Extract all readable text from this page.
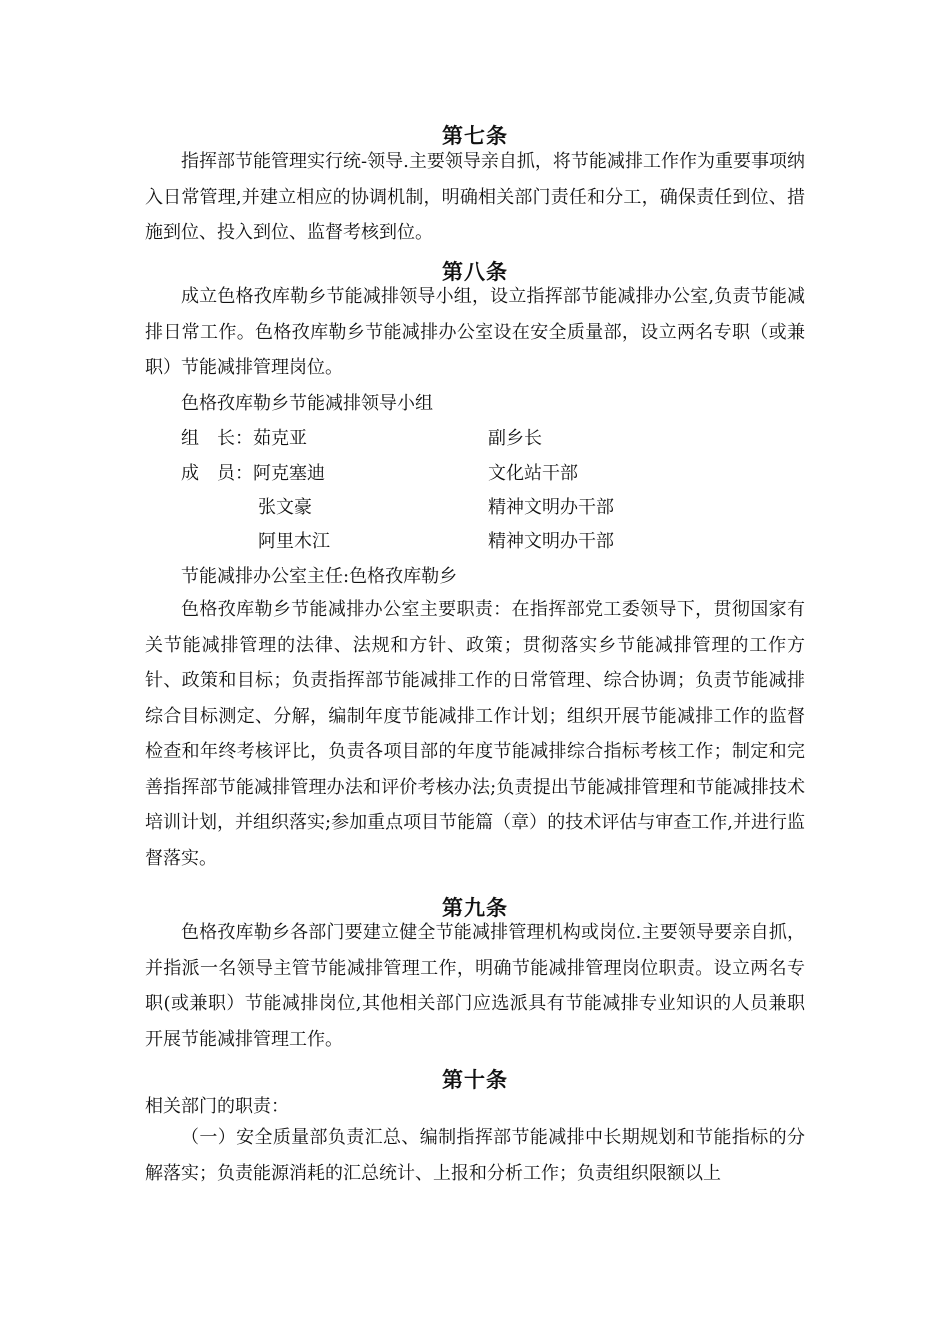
第七条

指挥部节能管理实行统-领导.主要领导亲自抓，将节能减排工作作为重要事项纳入日常管理,并建立相应的协调机制，明确相关部门责任和分工，确保责任到位、措施到位、投入到位、监督考核到位。

第八条

成立色格孜库勒乡节能减排领导小组，设立指挥部节能减排办公室,负责节能减排日常工作。色格孜库勒乡节能减排办公室设在安全质量部，设立两名专职（或兼职）节能减排管理岗位。

色格孜库勒乡节能减排领导小组
组　长：茹克亚	副乡长
成　员：阿克塞迪	文化站干部
张文豪	精神文明办干部
阿里木江	精神文明办干部
节能减排办公室主任:色格孜库勒乡

色格孜库勒乡节能减排办公室主要职责：在指挥部党工委领导下，贯彻国家有关节能减排管理的法律、法规和方针、政策；贯彻落实乡节能减排管理的工作方针、政策和目标；负责指挥部节能减排工作的日常管理、综合协调；负责节能减排综合目标测定、分解，编制年度节能减排工作计划；组织开展节能减排工作的监督检查和年终考核评比，负责各项目部的年度节能减排综合指标考核工作；制定和完善指挥部节能减排管理办法和评价考核办法;负责提出节能减排管理和节能减排技术培训计划，并组织落实;参加重点项目节能篇（章）的技术评估与审查工作,并进行监督落实。

第九条

色格孜库勒乡各部门要建立健全节能减排管理机构或岗位.主要领导要亲自抓，并指派一名领导主管节能减排管理工作，明确节能减排管理岗位职责。设立两名专职(或兼职）节能减排岗位,其他相关部门应选派具有节能减排专业知识的人员兼职开展节能减排管理工作。

第十条
相关部门的职责：

（一）安全质量部负责汇总、编制指挥部节能减排中长期规划和节能指标的分解落实；负责能源消耗的汇总统计、上报和分析工作；负责组织限额以上
